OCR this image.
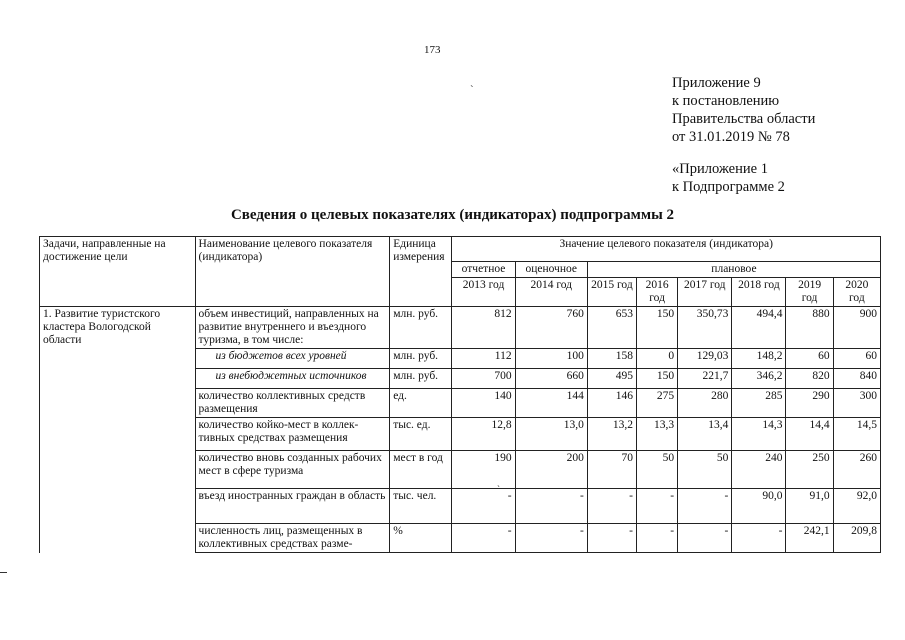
173
`	Приложение 9
к постановлению
Правительства области
от 31.01.2019 № 78
«Приложение 1
к Подпрограмме 2
Сведения о целевых показателях (индикаторах) подпрограммы 2
Задачи, направленные на достижение цели	Наименование целевого показателя (индикатора)	Единица измерения	Значение целевого показателя (индикатора)							
			отчетное	оценочное	плановое					
			2013 год	2014 год	2015 год	2016 год	2017 год	2018 год	2019 год	2020 год
1. Развитие туристского кластера Вологодской области	объем инвестиций, направленных на развитие внутреннего и въездного туризма, в том числе:	млн. руб.	812	760	653	150	350,73	494,4	880	900
	из бюджетов всех уровней	млн. руб.	112	100	158	0	129,03	148,2	60	60
	из внебюджетных источников	млн. руб.	700	660	495	150	221,7	346,2	820	840
	количество коллективных средств размещения	ед.	140	144	146	275	280	285	290	300
	количество койко-мест в коллективных средствах размещения	тыс. ед.	12,8	13,0	13,2	13,3	13,4	14,3	14,4	14,5
	количество вновь созданных рабочих мест в сфере туризма	мест в год	190	200	70	50	50	240	250	260
	въезд иностранных граждан в область	тыс. чел.	-	-	-	-	-	90,0	91,0	92,0
	численность лиц, размещенных в коллективных средствах разме-	%	-	-	-	-	-	-	242,1	209,8
`
